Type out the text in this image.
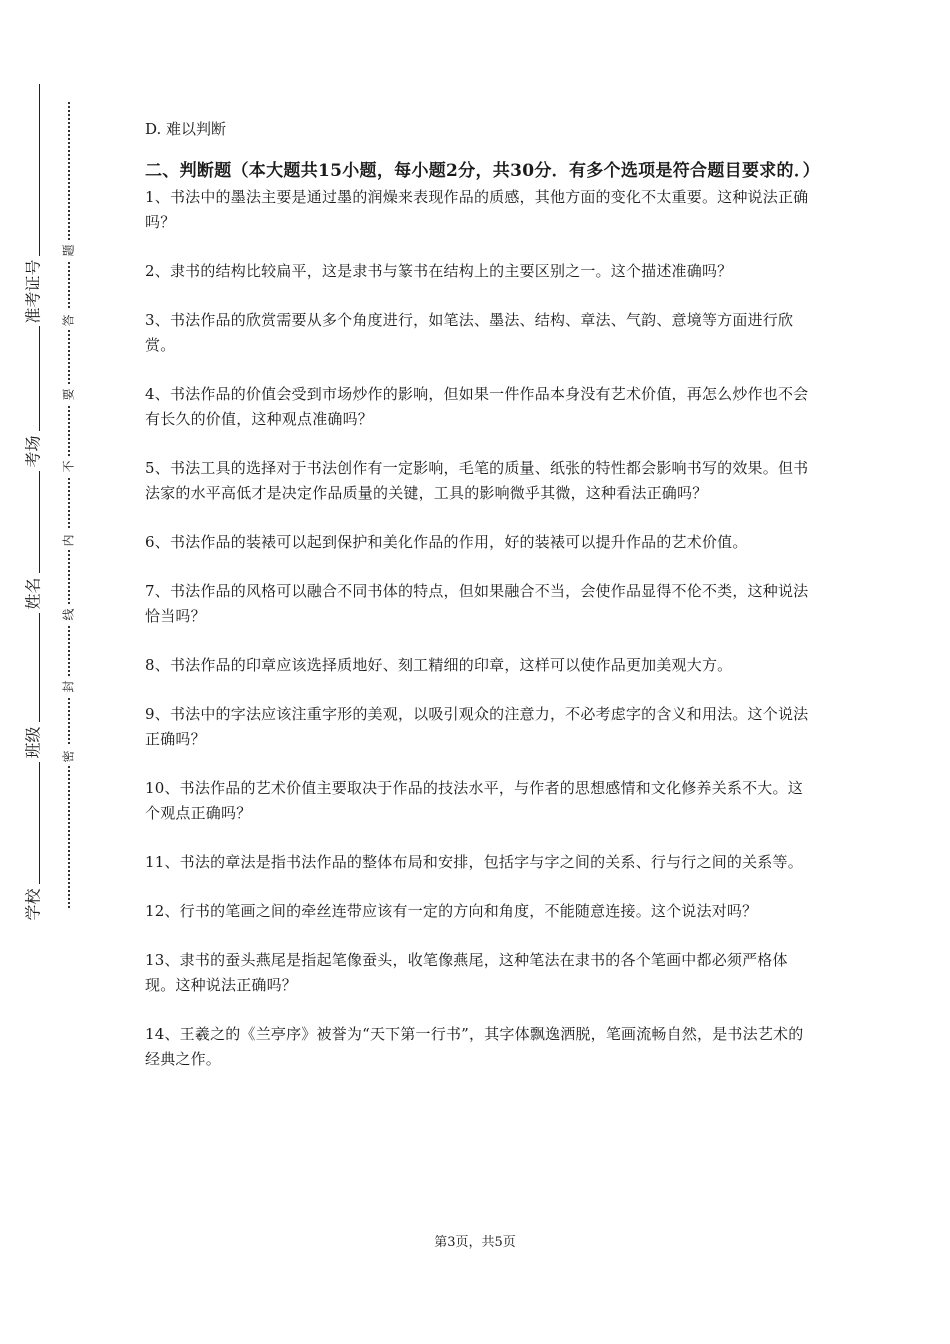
准考证号
考场
姓名
班级
学校
题
答
要
不
内
线
封
密

D. 难以判断

二、判断题（本大题共15小题，每小题2分，共30分．有多个选项是符合题目要求的．）
1、书法中的墨法主要是通过墨的润燥来表现作品的质感，其他方面的变化不太重要。这种说法正确吗？
2、隶书的结构比较扁平，这是隶书与篆书在结构上的主要区别之一。这个描述准确吗？
3、书法作品的欣赏需要从多个角度进行，如笔法、墨法、结构、章法、气韵、意境等方面进行欣赏。
4、书法作品的价值会受到市场炒作的影响，但如果一件作品本身没有艺术价值，再怎么炒作也不会有长久的价值，这种观点准确吗？
5、书法工具的选择对于书法创作有一定影响，毛笔的质量、纸张的特性都会影响书写的效果。但书法家的水平高低才是决定作品质量的关键，工具的影响微乎其微，这种看法正确吗？
6、书法作品的装裱可以起到保护和美化作品的作用，好的装裱可以提升作品的艺术价值。
7、书法作品的风格可以融合不同书体的特点，但如果融合不当，会使作品显得不伦不类，这种说法恰当吗？
8、书法作品的印章应该选择质地好、刻工精细的印章，这样可以使作品更加美观大方。
9、书法中的字法应该注重字形的美观，以吸引观众的注意力，不必考虑字的含义和用法。这个说法正确吗？
10、书法作品的艺术价值主要取决于作品的技法水平，与作者的思想感情和文化修养关系不大。这个观点正确吗？
11、书法的章法是指书法作品的整体布局和安排，包括字与字之间的关系、行与行之间的关系等。
12、行书的笔画之间的牵丝连带应该有一定的方向和角度，不能随意连接。这个说法对吗？
13、隶书的蚕头燕尾是指起笔像蚕头，收笔像燕尾，这种笔法在隶书的各个笔画中都必须严格体现。这种说法正确吗？
14、王羲之的《兰亭序》被誉为“天下第一行书”，其字体飘逸洒脱，笔画流畅自然，是书法艺术的经典之作。
第3页，共5页
